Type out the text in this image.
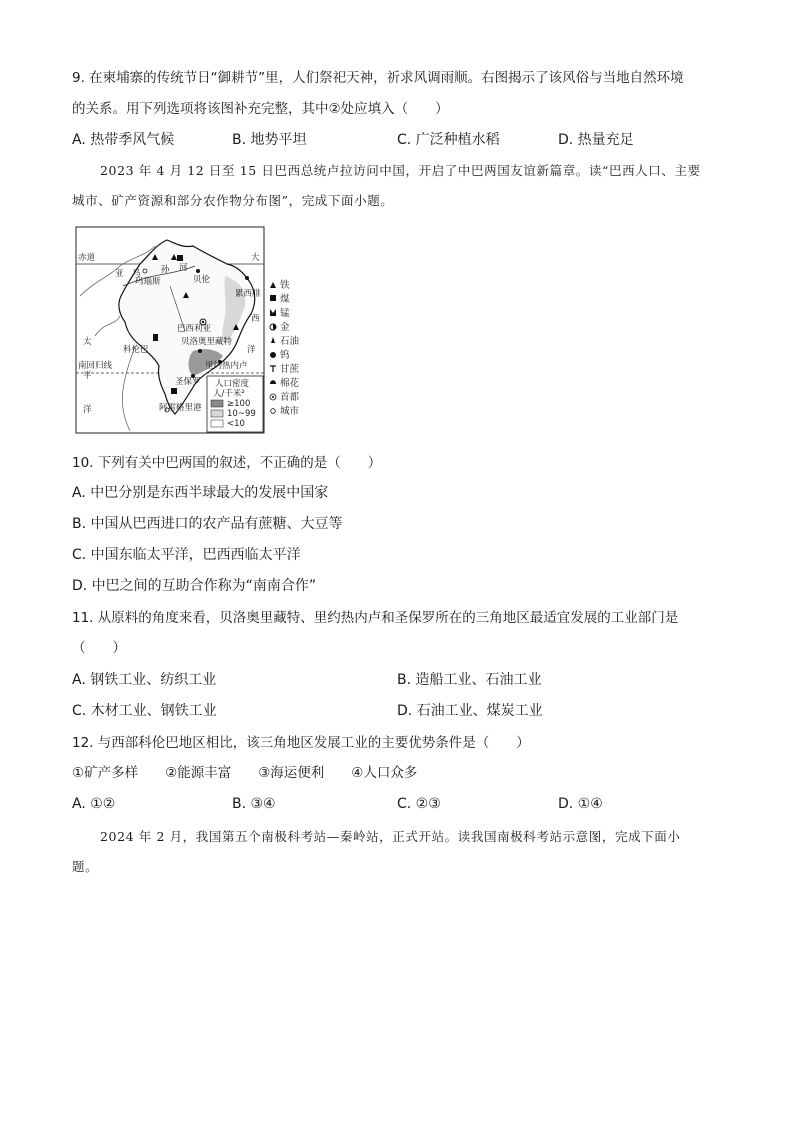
9. 在柬埔寨的传统节日“御耕节”里，人们祭祀天神，祈求风调雨顺。右图揭示了该风俗与当地自然环境
的关系。用下列选项将该图补充完整，其中②处应填入（　　）
A. 热带季风气候	B. 地势平坦	C. 广泛种植水稻	D. 热量充足
2023 年 4 月 12 日至 15 日巴西总统卢拉访问中国，开启了中巴两国友谊新篇章。读“巴西人口、主要
城市、矿产资源和部分农作物分布图”，完成下面小题。
赤道	大
亚　马 孙 河
玛瑙斯	贝伦
累西腓
西
巴西利亚
贝洛奥里藏特
科伦巴	洋
南回归线	里约热内卢
圣保罗
阿雷格里港
太
平
洋
人口密度
人/千米²
≥100
10~99
<10
铁
煤
锰
金
石油
钨
甘蔗
棉花
首都
城市
10. 下列有关中巴两国的叙述，不正确的是（　　）
A. 中巴分别是东西半球最大的发展中国家
B. 中国从巴西进口的农产品有蔗糖、大豆等
C. 中国东临太平洋，巴西西临太平洋
D. 中巴之间的互助合作称为“南南合作”
11. 从原料的角度来看，贝洛奥里藏特、里约热内卢和圣保罗所在的三角地区最适宜发展的工业部门是
（　　）
A. 钢铁工业、纺织工业	B. 造船工业、石油工业
C. 木材工业、钢铁工业	D. 石油工业、煤炭工业
12. 与西部科伦巴地区相比，该三角地区发展工业的主要优势条件是（　　）
①矿产多样　　②能源丰富　　③海运便利　　④人口众多
A. ①②	B. ③④	C. ②③	D. ①④
2024 年 2 月，我国第五个南极科考站—秦岭站，正式开站。读我国南极科考站示意图，完成下面小
题。
